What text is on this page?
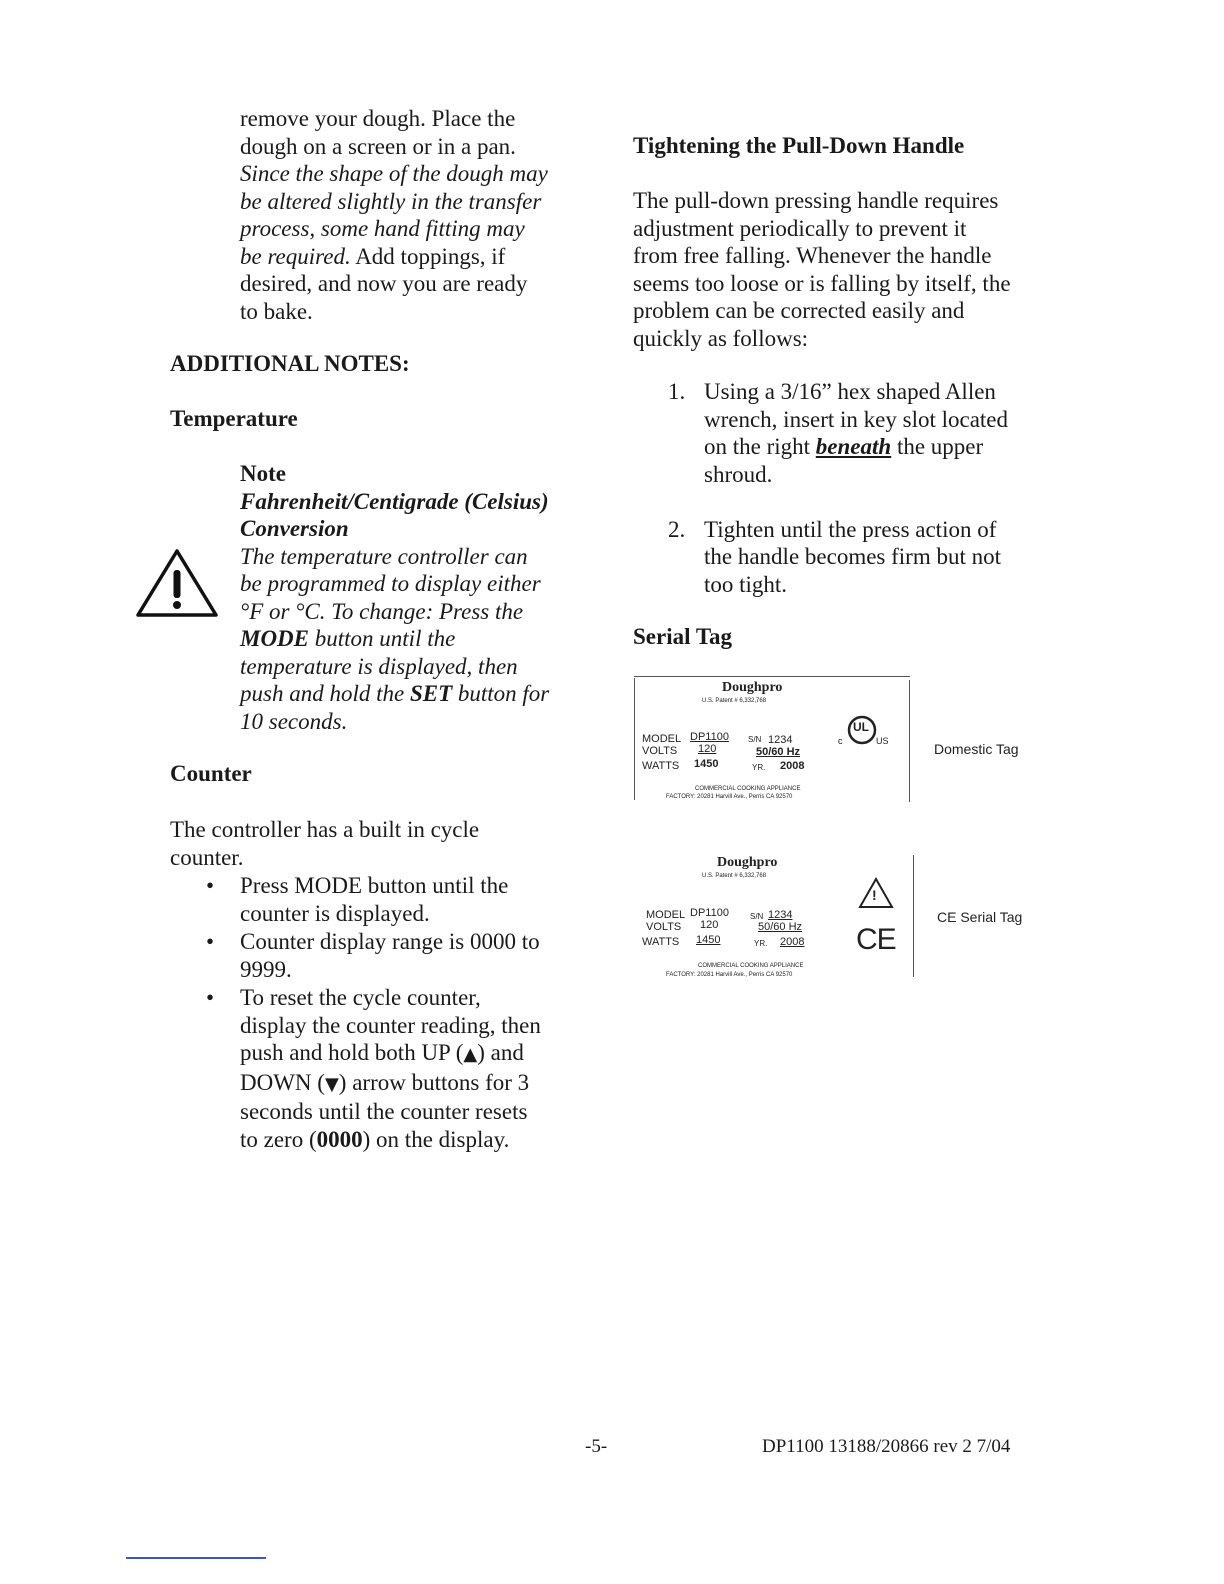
remove your dough. Place the

dough on a screen or in a pan.

Since the shape of the dough may

be altered slightly in the transfer

process, some hand fitting may

be required. Add toppings, if

desired, and now you are ready

to bake.

ADDITIONAL NOTES:
Temperature

Note

Fahrenheit/Centigrade (Celsius)

Conversion

The temperature controller can

be programmed to display either

°F or °C. To change: Press the

MODE button until the

temperature is displayed, then

push and hold the SET button for

10 seconds.

Counter

The controller has a built in cycle

counter.

• Press MODE button until the

counter is displayed.

• Counter display range is 0000 to

9999.

• To reset the cycle counter,

display the counter reading, then

push and hold both UP (▲) and

DOWN (▼) arrow buttons for 3

seconds until the counter resets

to zero (0000) on the display.

Tightening the Pull-Down Handle

The pull-down pressing handle requires

adjustment periodically to prevent it

from free falling. Whenever the handle

seems too loose or is falling by itself, the

problem can be corrected easily and

quickly as follows:

1. Using a 3/16” hex shaped Allen

wrench, insert in key slot located

on the right beneath the upper

shroud.

2. Tighten until the press action of

the handle becomes firm but not

too tight.

Serial Tag
Doughpro
U.S. Patent # 6,332,768
MODEL DP1100 S/N 1234
VOLTS 120	50/60 Hz
WATTS 1450	YR. 2008
COMMERCIAL COOKING APPLIANCE
FACTORY: 20281 Harvill Ave., Perris CA 92570
UL
c	US	Domestic Tag
Doughpro
U.S. Patent # 6,332,768
MODEL DP1100	S/N 1234
VOLTS 120	50/60 Hz
WATTS 1450	YR. 2008
COMMERCIAL COOKING APPLIANCE
FACTORY: 20281 Harvill Ave., Perris CA 92570
!
CE
CE Serial Tag
-5-	DP1100 13188/20866 rev 2 7/04
